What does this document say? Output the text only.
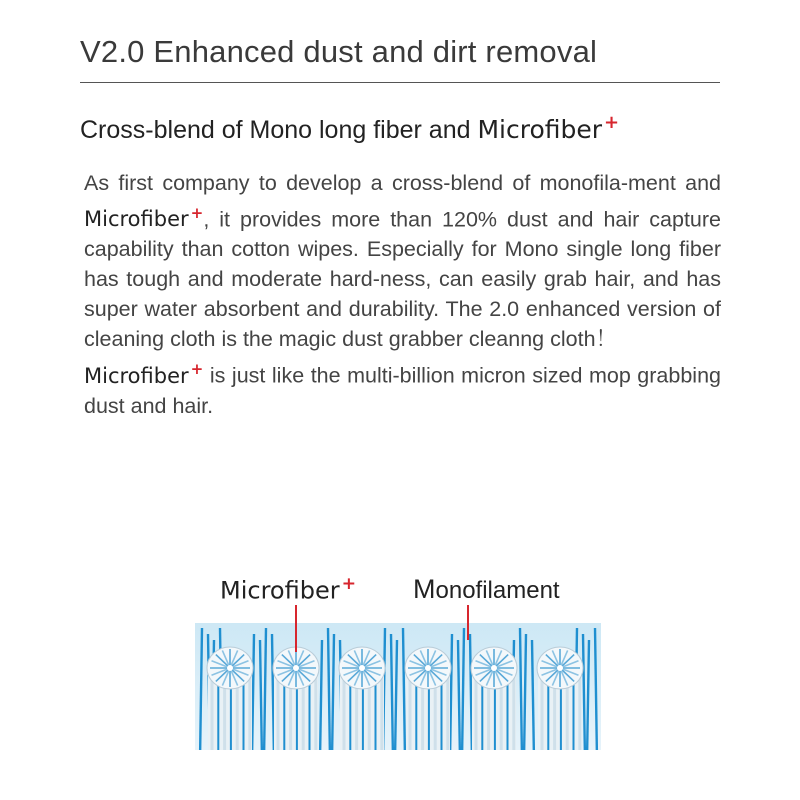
V2.0 Enhanced dust and dirt removal
Cross-blend of Mono long fiber and Microfiber +
As first company to develop a cross-blend of monofila-ment and Microfiber +, it provides more than 120% dust and hair capture capability than cotton wipes. Especially for Mono single long fiber has tough and moderate hard-ness, can easily grab hair, and has super water absorbent and durability. The 2.0 enhanced version of cleaning cloth is the magic dust grabber cleanng cloth！
Microfiber + is just like the multi-billion micron sized mop grabbing dust and hair.
Microfiber + Monofilament
